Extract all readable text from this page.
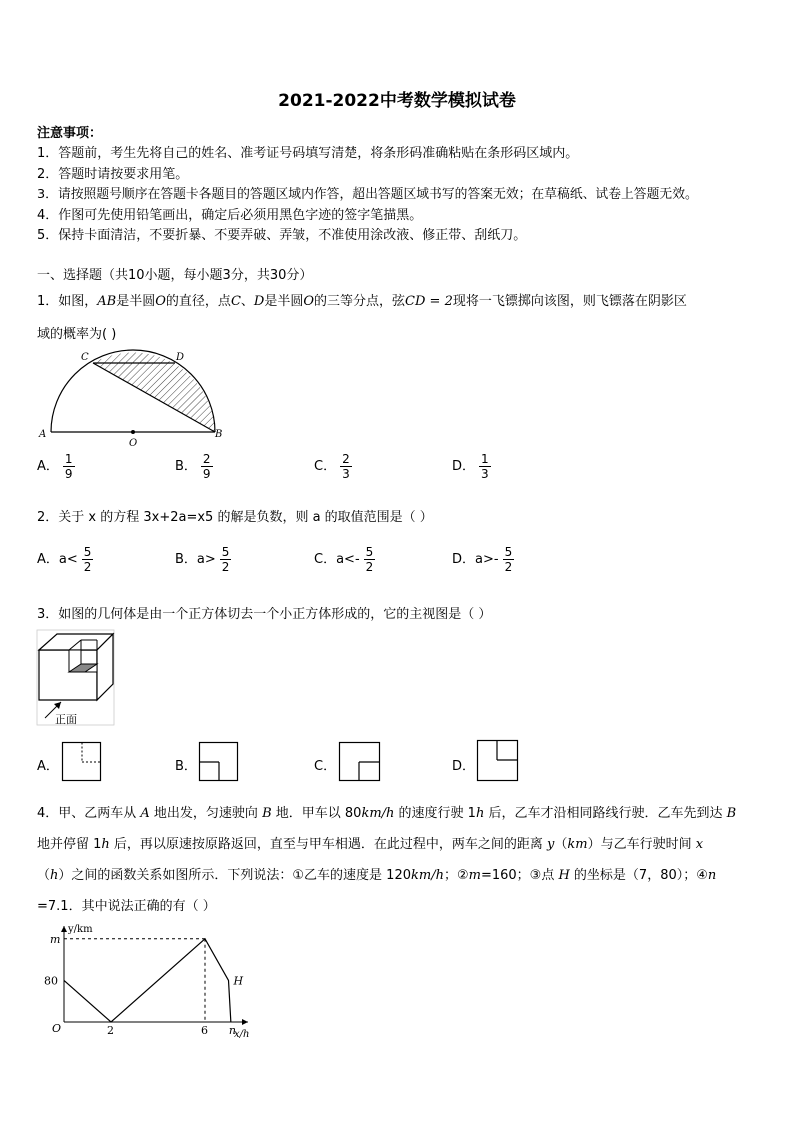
2021-2022中考数学模拟试卷
注意事项：
1．答题前，考生先将自己的姓名、准考证号码填写清楚，将条形码准确粘贴在条形码区域内。
2．答题时请按要求用笔。
3．请按照题号顺序在答题卡各题目的答题区域内作答，超出答题区域书写的答案无效；在草稿纸、试卷上答题无效。
4．作图可先使用铅笔画出，确定后必须用黑色字迹的签字笔描黑。
5．保持卡面清洁，不要折暴、不要弄破、弄皱，不准使用涂改液、修正带、刮纸刀。
一、选择题（共10小题，每小题3分，共30分）
1．如图，AB是半圆O的直径，点C、D是半圆O的三等分点，弦CD = 2现将一飞镖掷向该图，则飞镖落在阴影区
域的概率为( )
A
O
B
C	D
A． $\frac{1}{9}$	B． $\frac{2}{9}$	C． $\frac{2}{3}$	D． $\frac{1}{3}$
2．关于 x 的方程 3x+2a=x5 的解是负数，则 a 的取值范围是（ ）
A．$a< \frac{5}{2}$	B．$a> \frac{5}{2}$	C．$a<- \frac{5}{2}$	D．$a>- \frac{5}{2}$
3．如图的几何体是由一个正方体切去一个小正方体形成的，它的主视图是（ ）
正面
A．	B．	C．	D．
4．甲、乙两车从 A 地出发，匀速驶向 B 地．甲车以 80km/h 的速度行驶 1h 后，乙车才沿相同路线行驶．乙车先到达 B
地并停留 1h 后，再以原速按原路返回，直至与甲车相遇．在此过程中，两车之间的距离 y（km）与乙车行驶时间 x
（h）之间的函数关系如图所示．下列说法：①乙车的速度是 120km/h；②m=160；③点 H 的坐标是（7，80）；④n
=7.1．其中说法正确的有（ ）
y/km
x/h
O
m
80
2	6 n
H
